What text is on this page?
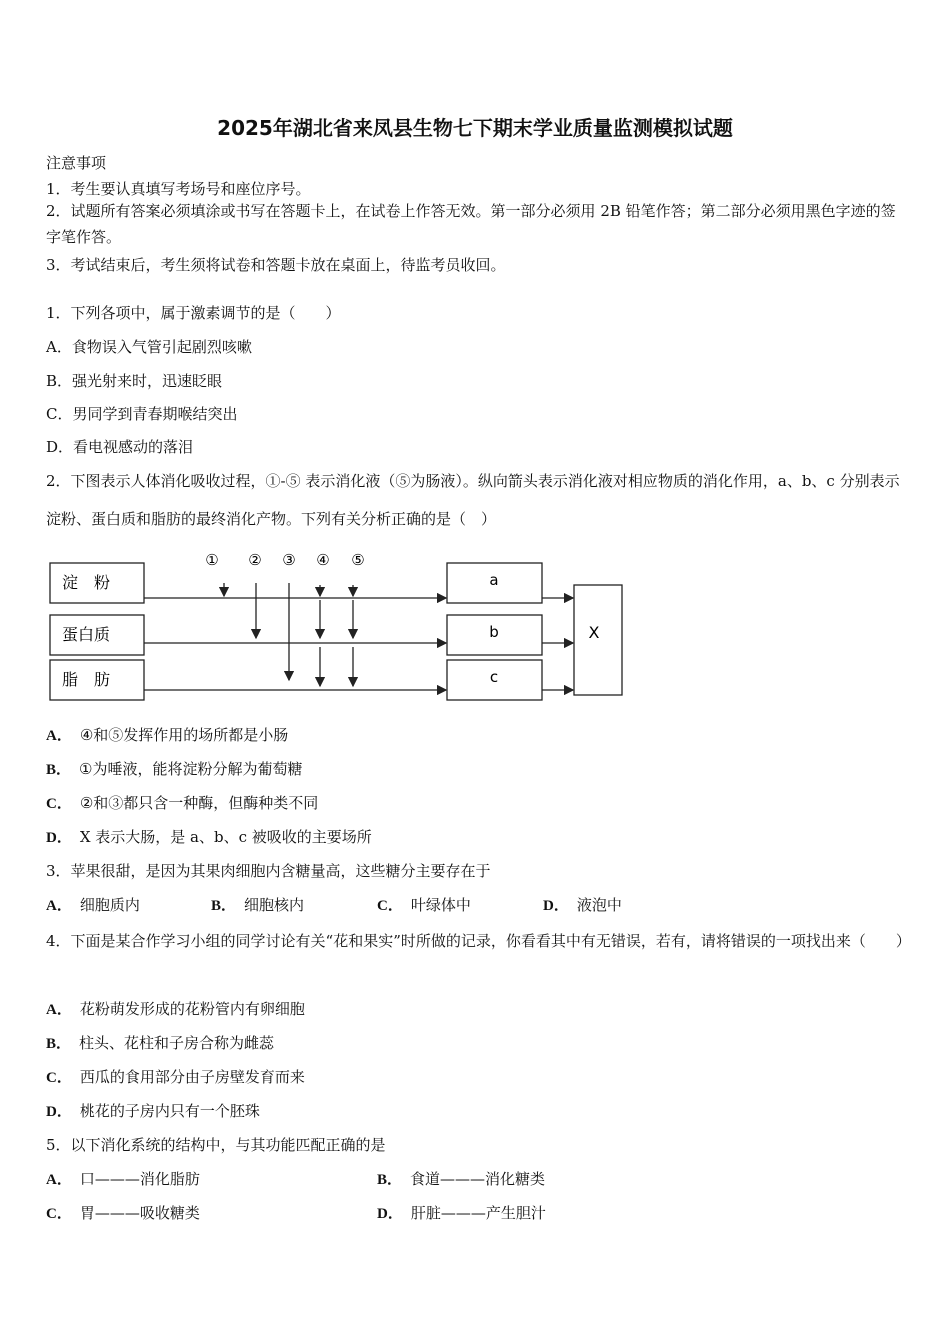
2025年湖北省来凤县生物七下期末学业质量监测模拟试题
注意事项
1．考生要认真填写考场号和座位序号。
2．试题所有答案必须填涂或书写在答题卡上，在试卷上作答无效。第一部分必须用 2B 铅笔作答；第二部分必须用黑色字迹的签字笔作答。
3．考试结束后，考生须将试卷和答题卡放在桌面上，待监考员收回。
1．下列各项中，属于激素调节的是（　　）
A．食物误入气管引起剧烈咳嗽
B．强光射来时，迅速眨眼
C．男同学到青春期喉结突出
D．看电视感动的落泪
2．下图表示人体消化吸收过程，①-⑤ 表示消化液（⑤为肠液）。纵向箭头表示消化液对相应物质的消化作用，a、b、c 分别表示淀粉、蛋白质和脂肪的最终消化产物。下列有关分析正确的是（　）
淀　粉
蛋白质
脂　肪
① ② ③ ④ ⑤
a
b
c
X
A． ④和⑤发挥作用的场所都是小肠
B． ①为唾液，能将淀粉分解为葡萄糖
C． ②和③都只含一种酶，但酶种类不同
D． X 表示大肠，是 a、b、c 被吸收的主要场所
3．苹果很甜，是因为其果肉细胞内含糖量高，这些糖分主要存在于
A． 细胞质内	B． 细胞核内	C． 叶绿体中	D． 液泡中
4．下面是某合作学习小组的同学讨论有关“花和果实”时所做的记录，你看看其中有无错误，若有，请将错误的一项找出来（　　）
A． 花粉萌发形成的花粉管内有卵细胞
B． 柱头、花柱和子房合称为雌蕊
C． 西瓜的食用部分由子房壁发育而来
D． 桃花的子房内只有一个胚珠
5．以下消化系统的结构中，与其功能匹配正确的是
A． 口———消化脂肪	B． 食道———消化糖类
C． 胃———吸收糖类	D． 肝脏———产生胆汁
